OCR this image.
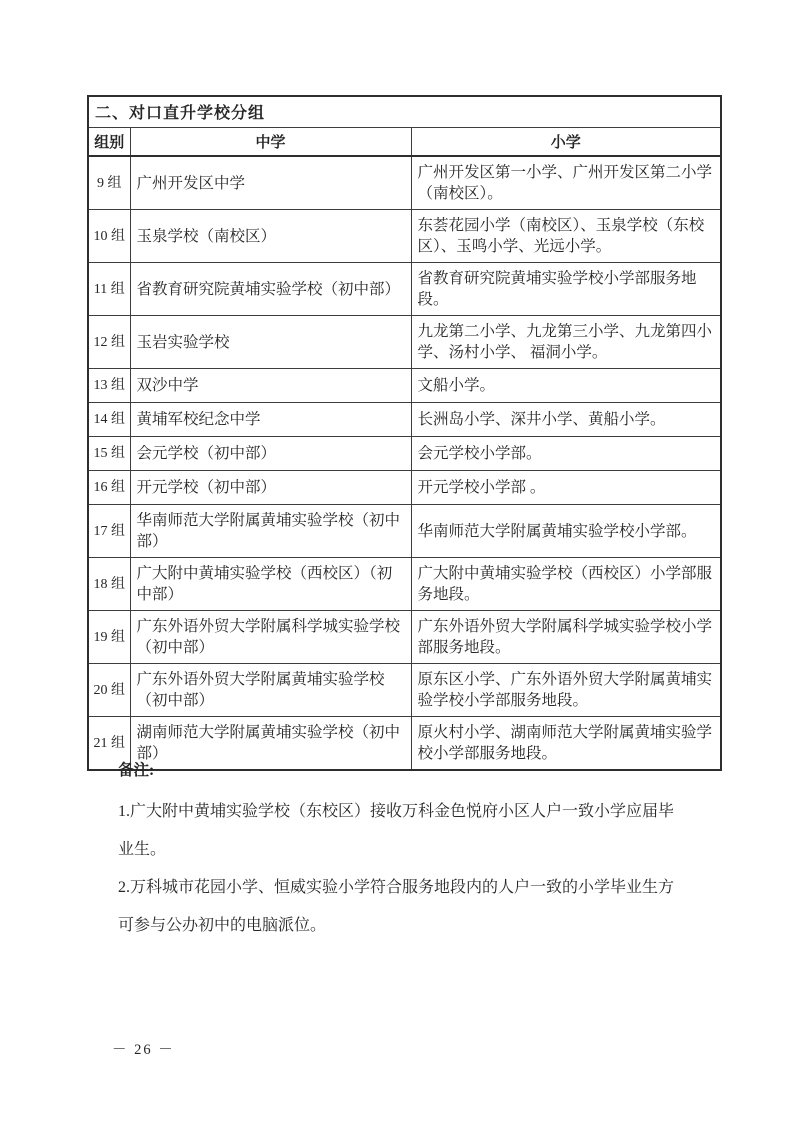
二、对口直升学校分组		
组别	中学	小学
9 组	广州开发区中学	广州开发区第一小学、广州开发区第二小学（南校区）。
10 组	玉泉学校（南校区）	东荟花园小学（南校区）、玉泉学校（东校区）、玉鸣小学、光远小学。
11 组	省教育研究院黄埔实验学校（初中部）	省教育研究院黄埔实验学校小学部服务地段。
12 组	玉岩实验学校	九龙第二小学、九龙第三小学、九龙第四小学、汤村小学、 福洞小学。
13 组	双沙中学	文船小学。
14 组	黄埔军校纪念中学	长洲岛小学、深井小学、黄船小学。
15 组	会元学校（初中部）	会元学校小学部。
16 组	开元学校（初中部）	开元学校小学部 。
17 组	华南师范大学附属黄埔实验学校（初中部）	华南师范大学附属黄埔实验学校小学部。
18 组	广大附中黄埔实验学校（西校区）（初中部）	广大附中黄埔实验学校（西校区）小学部服务地段。
19 组	广东外语外贸大学附属科学城实验学校（初中部）	广东外语外贸大学附属科学城实验学校小学部服务地段。
20 组	广东外语外贸大学附属黄埔实验学校（初中部）	原东区小学、广东外语外贸大学附属黄埔实验学校小学部服务地段。
21 组	湖南师范大学附属黄埔实验学校（初中部）	原火村小学、湖南师范大学附属黄埔实验学校小学部服务地段。

备注:

1.广大附中黄埔实验学校（东校区）接收万科金色悦府小区人户一致小学应届毕业生。

2.万科城市花园小学、恒威实验小学符合服务地段内的人户一致的小学毕业生方可参与公办初中的电脑派位。

－ 26 －
